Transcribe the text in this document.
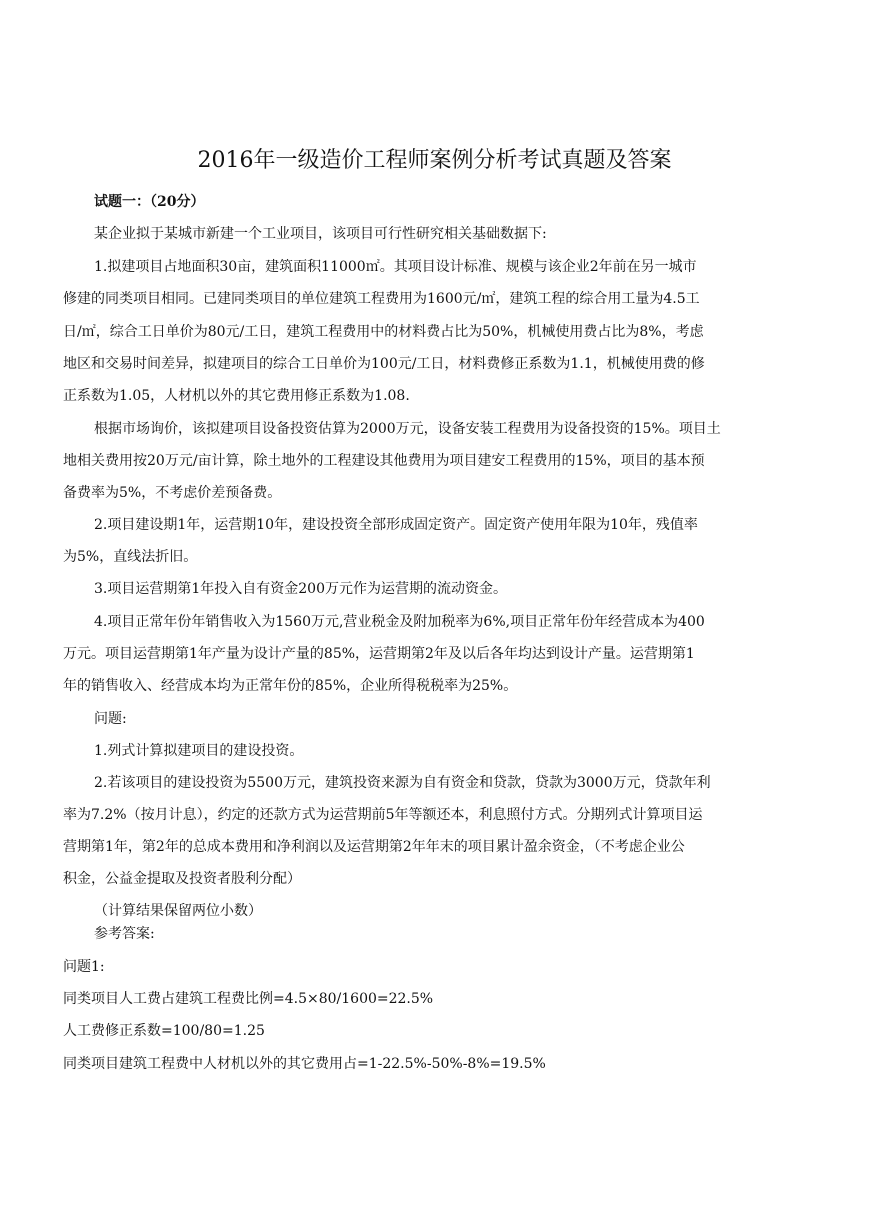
2016年一级造价工程师案例分析考试真题及答案
试题一：（20分）
某企业拟于某城市新建一个工业项目，该项目可行性研究相关基础数据下:
1.拟建项目占地面积30亩，建筑面积11000㎡。其项目设计标准、规模与该企业2年前在另一城市
修建的同类项目相同。已建同类项目的单位建筑工程费用为1600元/㎡，建筑工程的综合用工量为4.5工
日/㎡，综合工日单价为80元/工日，建筑工程费用中的材料费占比为50%，机械使用费占比为8%，考虑
地区和交易时间差异，拟建项目的综合工日单价为100元/工日，材料费修正系数为1.1，机械使用费的修
正系数为1.05，人材机以外的其它费用修正系数为1.08.
根据市场询价，该拟建项目设备投资估算为2000万元，设备安装工程费用为设备投资的15%。项目土
地相关费用按20万元/亩计算，除土地外的工程建设其他费用为项目建安工程费用的15%，项目的基本预
备费率为5%，不考虑价差预备费。
2.项目建设期1年，运营期10年，建设投资全部形成固定资产。固定资产使用年限为10年，残值率
为5%，直线法折旧。
3.项目运营期第1年投入自有资金200万元作为运营期的流动资金。
4.项目正常年份年销售收入为1560万元,营业税金及附加税率为6%,项目正常年份年经营成本为400
万元。项目运营期第1年产量为设计产量的85%，运营期第2年及以后各年均达到设计产量。运营期第1
年的销售收入、经营成本均为正常年份的85%，企业所得税税率为25%。
问题:
1.列式计算拟建项目的建设投资。
2.若该项目的建设投资为5500万元，建筑投资来源为自有资金和贷款，贷款为3000万元，贷款年利
率为7.2%（按月计息），约定的还款方式为运营期前5年等额还本，利息照付方式。分期列式计算项目运
营期第1年，第2年的总成本费用和净利润以及运营期第2年年末的项目累计盈余资金，（不考虑企业公
积金，公益金提取及投资者股利分配）
（计算结果保留两位小数）
参考答案:
问题1:
同类项目人工费占建筑工程费比例=4.5×80/1600=22.5%
人工费修正系数=100/80=1.25
同类项目建筑工程费中人材机以外的其它费用占=1-22.5%-50%-8%=19.5%
